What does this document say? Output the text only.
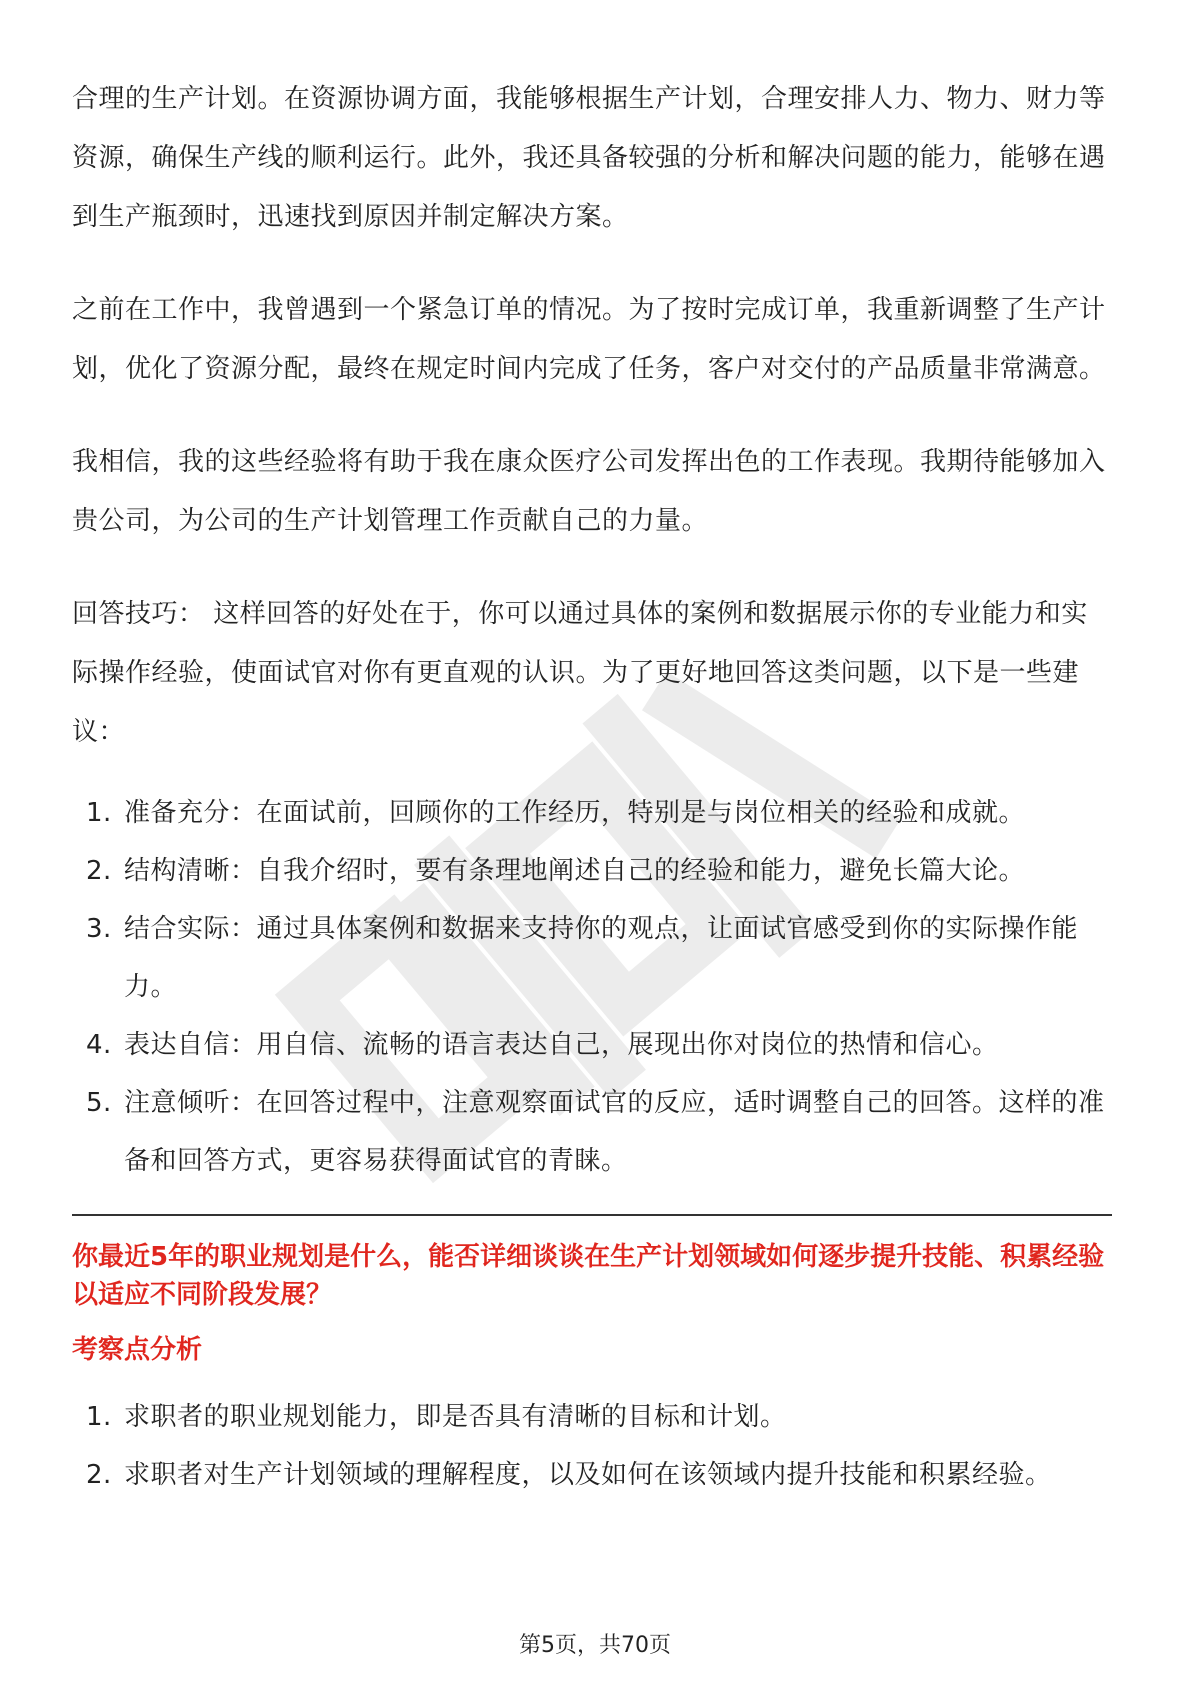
合理的生产计划。在资源协调方面，我能够根据生产计划，合理安排人力、物力、财力等资源，确保生产线的顺利运行。此外，我还具备较强的分析和解决问题的能力，能够在遇到生产瓶颈时，迅速找到原因并制定解决方案。

之前在工作中，我曾遇到一个紧急订单的情况。为了按时完成订单，我重新调整了生产计划，优化了资源分配，最终在规定时间内完成了任务，客户对交付的产品质量非常满意。

我相信，我的这些经验将有助于我在康众医疗公司发挥出色的工作表现。我期待能够加入贵公司，为公司的生产计划管理工作贡献自己的力量。

回答技巧： 这样回答的好处在于，你可以通过具体的案例和数据展示你的专业能力和实际操作经验，使面试官对你有更直观的认识。为了更好地回答这类问题，以下是一些建议：

1. 准备充分：在面试前，回顾你的工作经历，特别是与岗位相关的经验和成就。
2. 结构清晰：自我介绍时，要有条理地阐述自己的经验和能力，避免长篇大论。
3. 结合实际：通过具体案例和数据来支持你的观点，让面试官感受到你的实际操作能力。
4. 表达自信：用自信、流畅的语言表达自己，展现出你对岗位的热情和信心。
5. 注意倾听：在回答过程中，注意观察面试官的反应，适时调整自己的回答。这样的准备和回答方式，更容易获得面试官的青睐。

你最近5年的职业规划是什么，能否详细谈谈在生产计划领域如何逐步提升技能、积累经验以适应不同阶段发展？

考察点分析

1. 求职者的职业规划能力，即是否具有清晰的目标和计划。
2. 求职者对生产计划领域的理解程度，以及如何在该领域内提升技能和积累经验。
第5页，共70页
